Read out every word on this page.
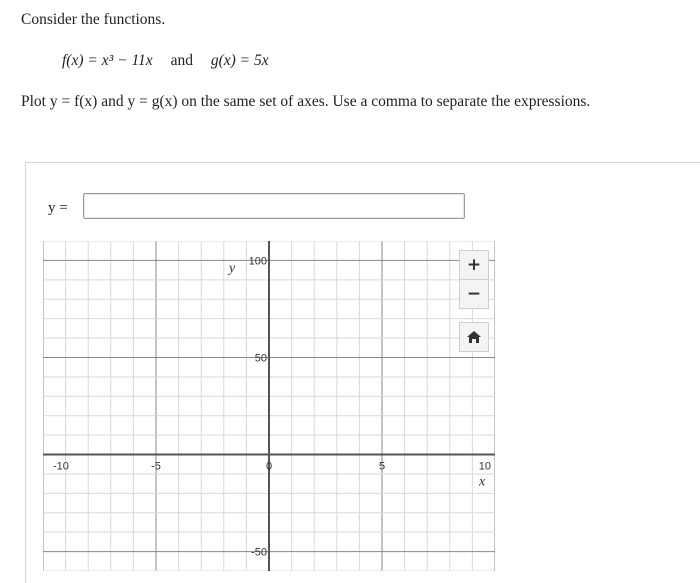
Consider the functions.
f(x) = x³ − 11x and g(x) = 5x
Plot y = f(x) and y = g(x) on the same set of axes. Use a comma to separate the expressions.
y =
-10	-5	0	5	10
100
50
-50
x
y	+
−
